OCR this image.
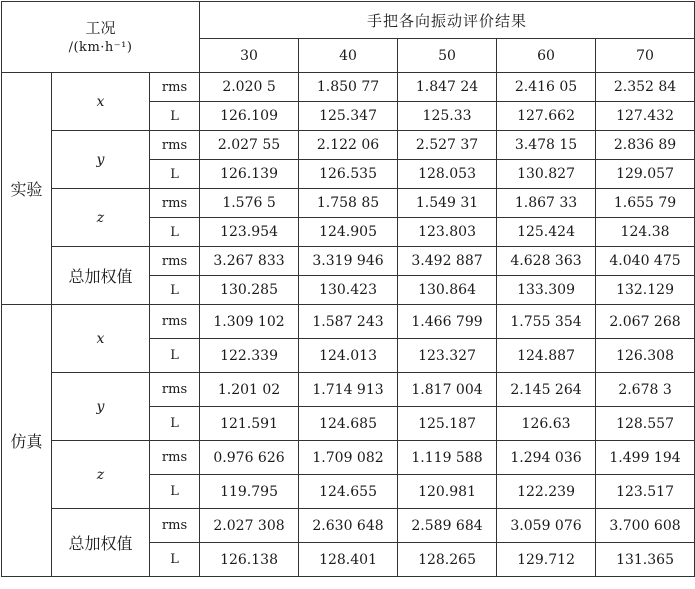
工况
/(km·h⁻¹)			手把各向振动评价结果				
			30	40	50	60	70
实验	x	rms	2.020 5	1.850 77	1.847 24	2.416 05	2.352 84
		L	126.109	125.347	125.33	127.662	127.432
	y	rms	2.027 55	2.122 06	2.527 37	3.478 15	2.836 89
		L	126.139	126.535	128.053	130.827	129.057
	z	rms	1.576 5	1.758 85	1.549 31	1.867 33	1.655 79
		L	123.954	124.905	123.803	125.424	124.38
	总加权值	rms	3.267 833	3.319 946	3.492 887	4.628 363	4.040 475
		L	130.285	130.423	130.864	133.309	132.129
仿真	x	rms	1.309 102	1.587 243	1.466 799	1.755 354	2.067 268
		L	122.339	124.013	123.327	124.887	126.308
	y	rms	1.201 02	1.714 913	1.817 004	2.145 264	2.678 3
		L	121.591	124.685	125.187	126.63	128.557
	z	rms	0.976 626	1.709 082	1.119 588	1.294 036	1.499 194
		L	119.795	124.655	120.981	122.239	123.517
	总加权值	rms	2.027 308	2.630 648	2.589 684	3.059 076	3.700 608
		L	126.138	128.401	128.265	129.712	131.365
